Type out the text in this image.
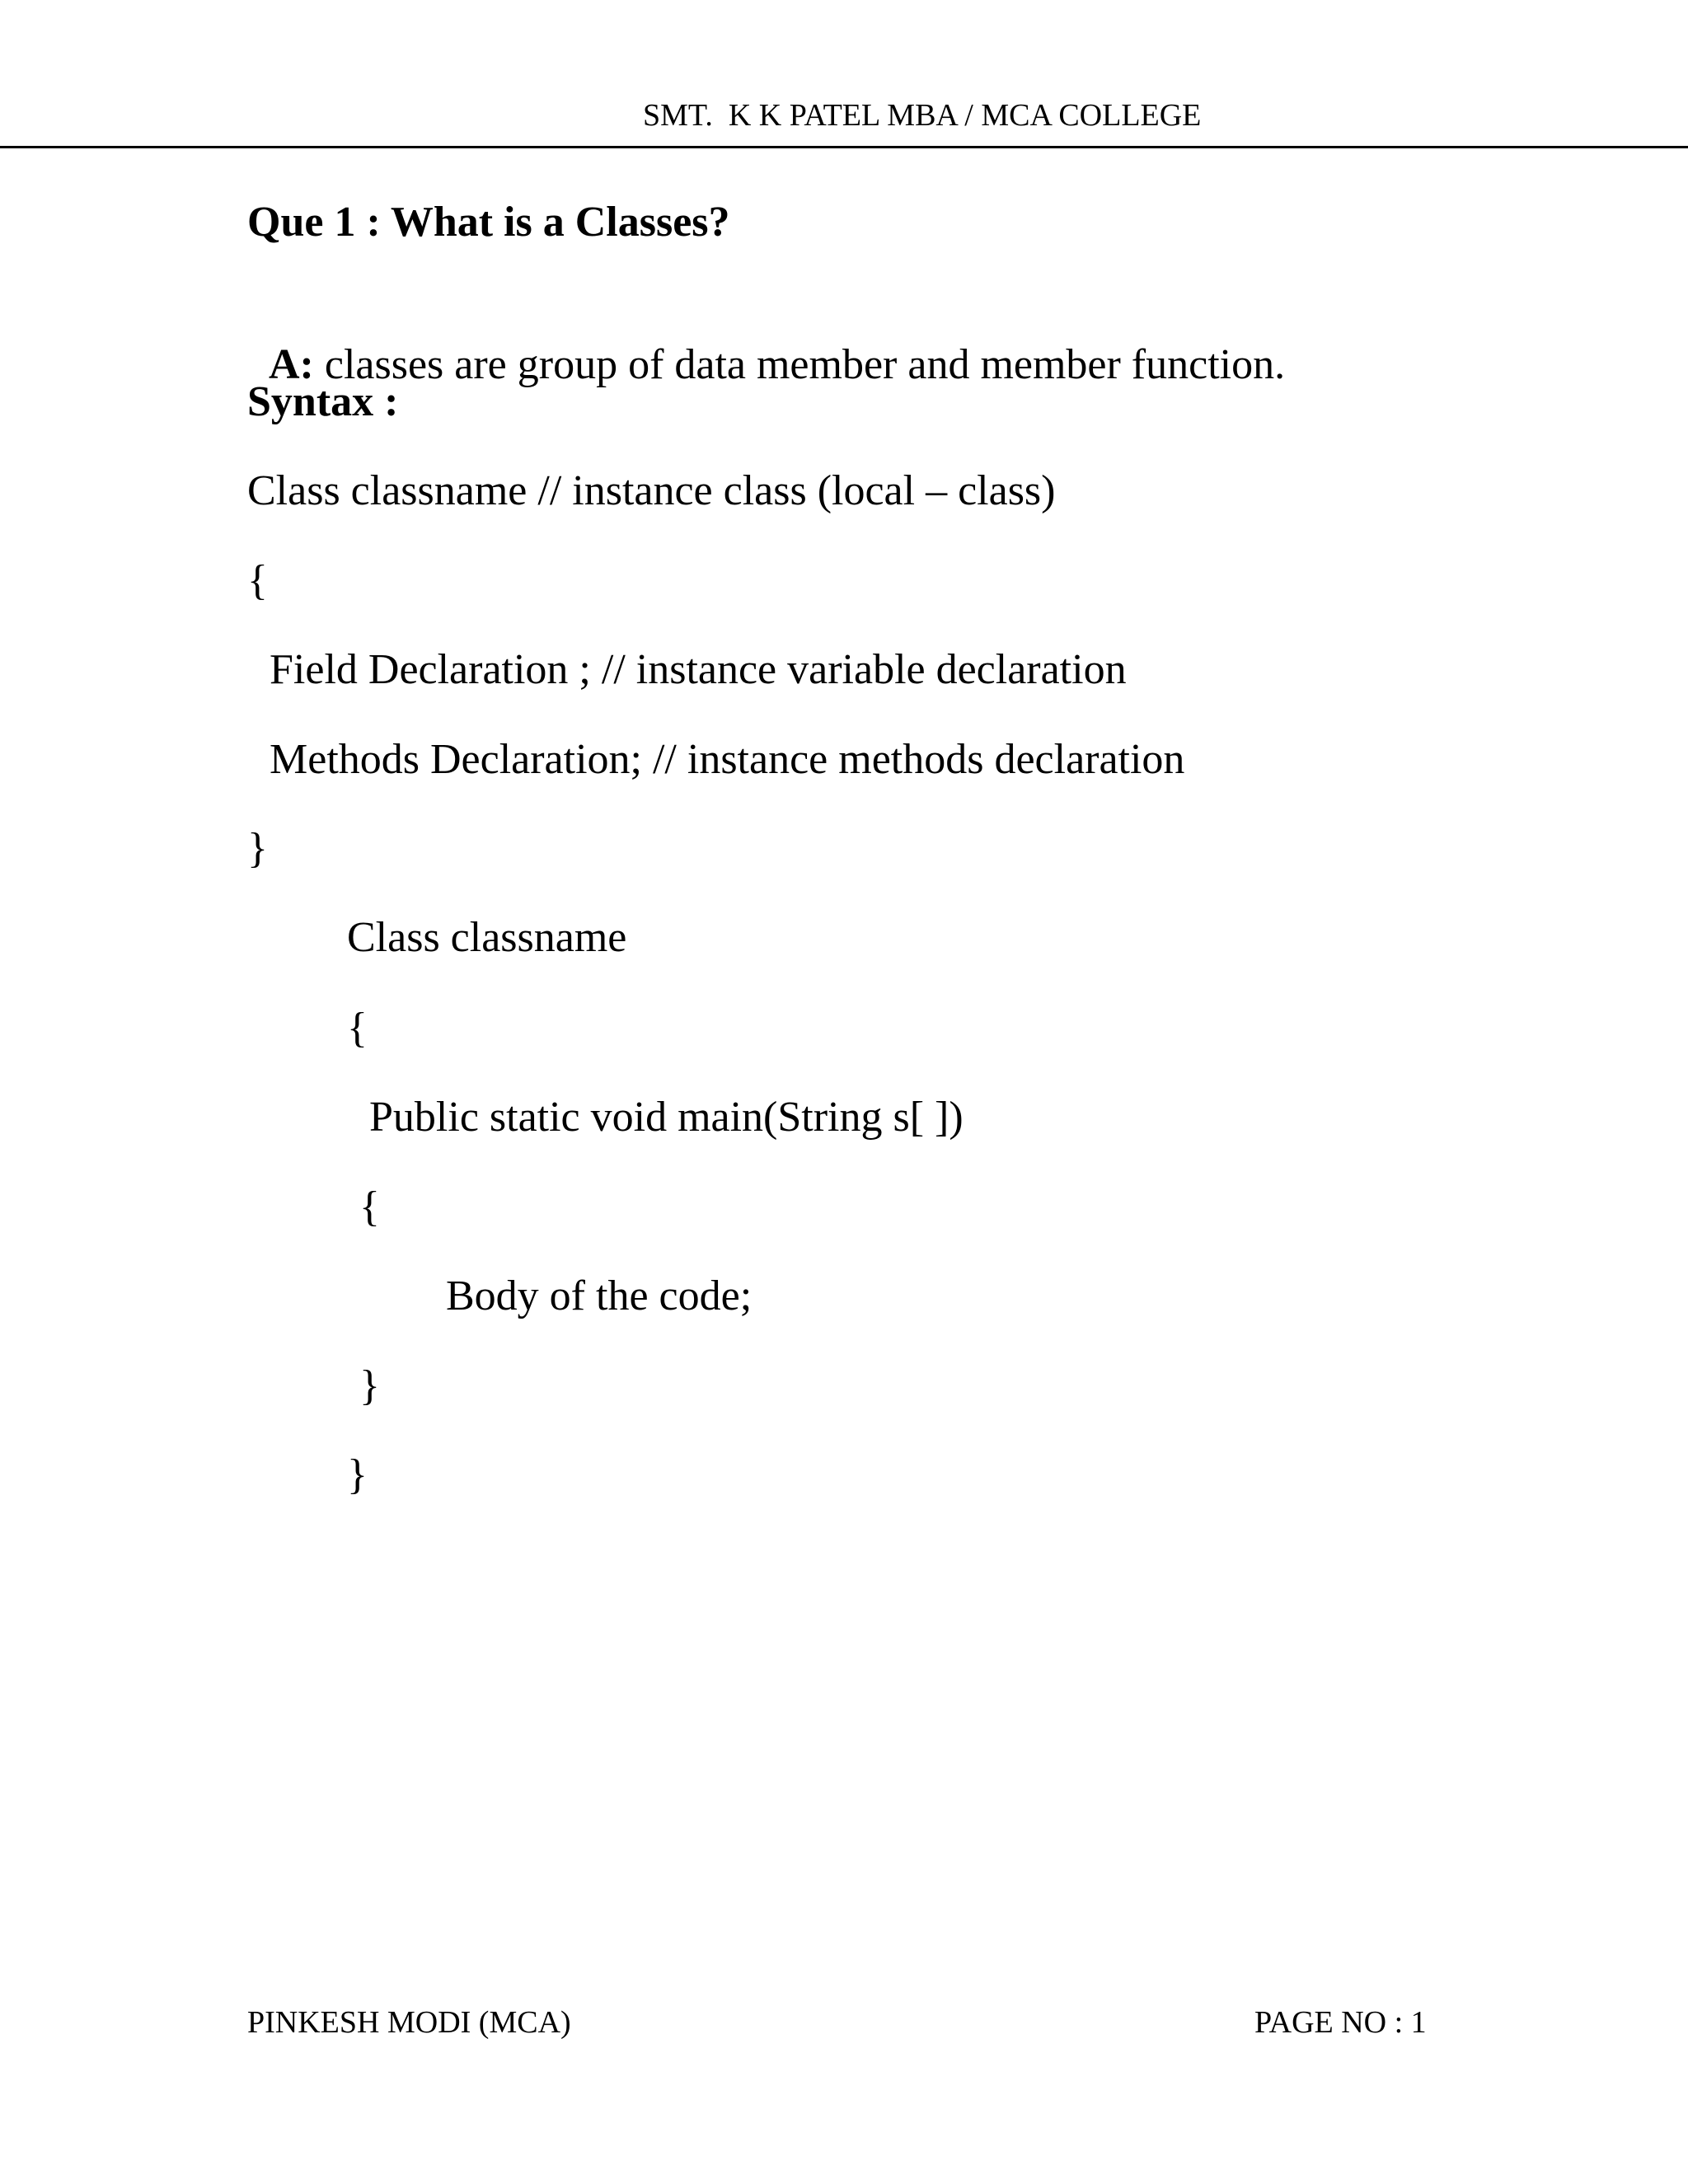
SMT.  K K PATEL MBA / MCA COLLEGE
Que 1 : What is a Classes?

A: classes are group of data member and member function.

Syntax :
Class classname // instance class (local – class)
{
Field Declaration ; // instance variable declaration
Methods Declaration; // instance methods declaration
}
Class classname
{
Public static void main(String s[ ])
{
Body of the code;
}
}
PINKESH MODI (MCA)	PAGE NO : 1
